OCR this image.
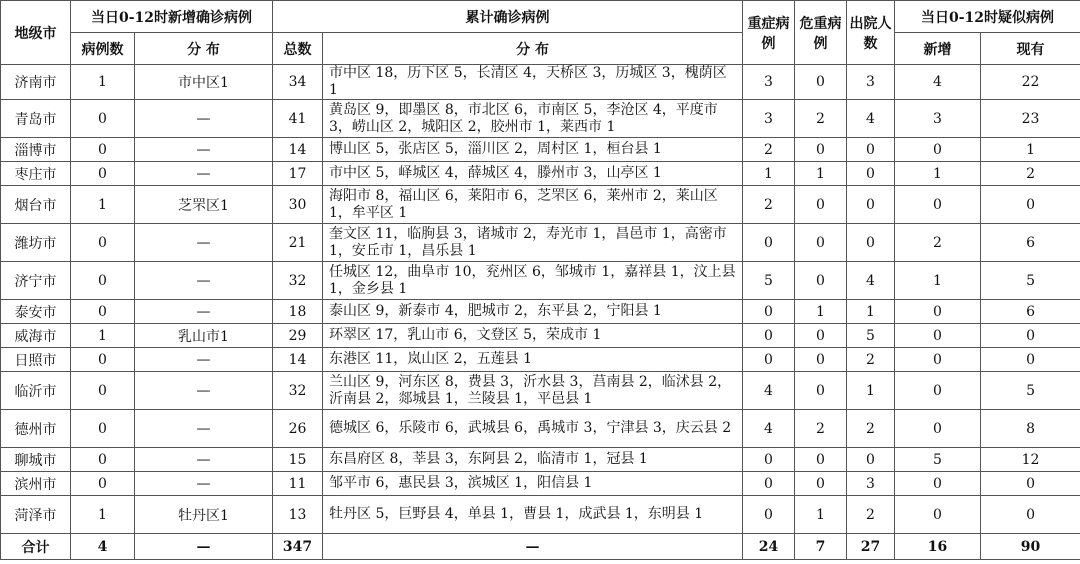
地级市	当日0-12时新增确诊病例		累计确诊病例		重症病例	危重病例	出院人数	当日0-12时疑似病例	
	病例数	分 布	总数	分 布				新增	现有
济南市	1	市中区1	34	市中区 18，历下区 5，长清区 4，天桥区 3，历城区 3，槐荫区 1	3	0	3	4	22
青岛市	0	—	41	黄岛区 9，即墨区 8，市北区 6，市南区 5，李沧区 4，平度市 3，崂山区 2，城阳区 2，胶州市 1，莱西市 1	3	2	4	3	23
淄博市	0	—	14	博山区 5，张店区 5，淄川区 2，周村区 1，桓台县 1	2	0	0	0	1
枣庄市	0	—	17	市中区 5，峄城区 4，薛城区 4，滕州市 3，山亭区 1	1	1	0	1	2
烟台市	1	芝罘区1	30	海阳市 8，福山区 6，莱阳市 6，芝罘区 6，莱州市 2，莱山区 1，牟平区 1	2	0	0	0	0
潍坊市	0	—	21	奎文区 11，临朐县 3，诸城市 2，寿光市 1，昌邑市 1，高密市 1，安丘市 1，昌乐县 1	0	0	0	2	6
济宁市	0	—	32	任城区 12，曲阜市 10，兖州区 6，邹城市 1，嘉祥县 1，汶上县 1，金乡县 1	5	0	4	1	5
泰安市	0	—	18	泰山区 9，新泰市 4，肥城市 2，东平县 2，宁阳县 1	0	1	1	0	6
威海市	1	乳山市1	29	环翠区 17，乳山市 6，文登区 5，荣成市 1	0	0	5	0	0
日照市	0	—	14	东港区 11，岚山区 2，五莲县 1	0	0	2	0	0
临沂市	0	—	32	兰山区 9，河东区 8，费县 3，沂水县 3，莒南县 2，临沭县 2，沂南县 2，郯城县 1，兰陵县 1，平邑县 1	4	0	1	0	5
德州市	0	—	26	德城区 6，乐陵市 6，武城县 6，禹城市 3，宁津县 3，庆云县 2	4	2	2	0	8
聊城市	0	—	15	东昌府区 8，莘县 3，东阿县 2，临清市 1，冠县 1	0	0	0	5	12
滨州市	0	—	11	邹平市 6，惠民县 3，滨城区 1，阳信县 1	0	0	3	0	0
菏泽市	1	牡丹区1	13	牡丹区 5，巨野县 4，单县 1，曹县 1，成武县 1，东明县 1	0	1	2	0	0
合计	4	—	347	—	24	7	27	16	90
